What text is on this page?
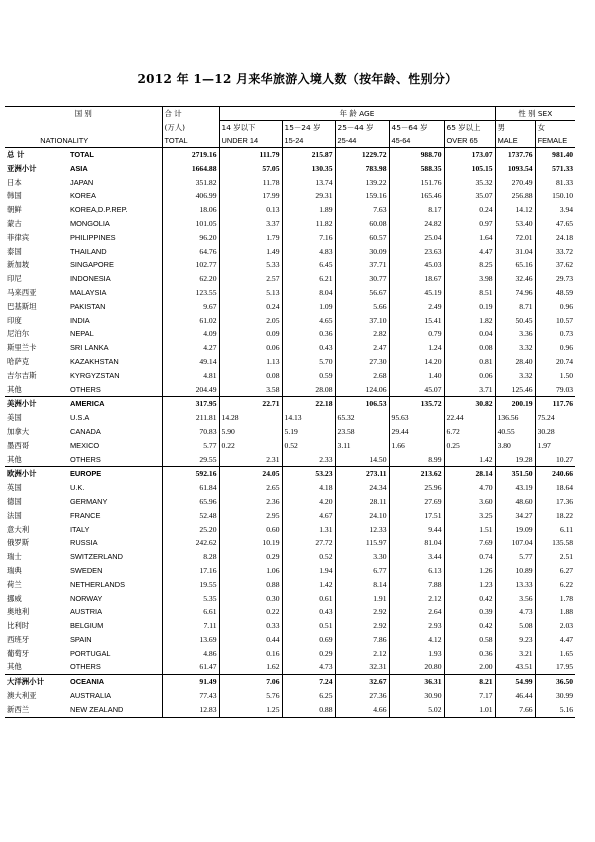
2012 年 1—12 月来华旅游入境人数（按年龄、性别分）
国 别		合 计	年 龄 AGE					性 别 SEX	
		(万人)	14 岁以下	15－24 岁	25－44 岁	45－64 岁	65 岁以上	男	女
NATIONALITY		TOTAL	UNDER 14	15-24	25-44	45-64	OVER 65	MALE	FEMALE
总 计	TOTAL	2719.16	111.79	215.87	1229.72	988.70	173.07	1737.76	981.40
亚洲小计	ASIA	1664.88	57.05	130.35	783.98	588.35	105.15	1093.54	571.33
日本	JAPAN	351.82	11.78	13.74	139.22	151.76	35.32	270.49	81.33
韩国	KOREA	406.99	17.99	29.31	159.16	165.46	35.07	256.88	150.10
朝鲜	KOREA,D.P.REP.	18.06	0.13	1.89	7.63	8.17	0.24	14.12	3.94
蒙古	MONGOLIA	101.05	3.37	11.82	60.08	24.82	0.97	53.40	47.65
菲律宾	PHILIPPINES	96.20	1.79	7.16	60.57	25.04	1.64	72.01	24.18
泰国	THAILAND	64.76	1.49	4.83	30.09	23.63	4.47	31.04	33.72
新加坡	SINGAPORE	102.77	5.33	6.45	37.71	45.03	8.25	65.16	37.62
印尼	INDONESIA	62.20	2.57	6.21	30.77	18.67	3.98	32.46	29.73
马来西亚	MALAYSIA	123.55	5.13	8.04	56.67	45.19	8.51	74.96	48.59
巴基斯坦	PAKISTAN	9.67	0.24	1.09	5.66	2.49	0.19	8.71	0.96
印度	INDIA	61.02	2.05	4.65	37.10	15.41	1.82	50.45	10.57
尼泊尔	NEPAL	4.09	0.09	0.36	2.82	0.79	0.04	3.36	0.73
斯里兰卡	SRI LANKA	4.27	0.06	0.43	2.47	1.24	0.08	3.32	0.96
哈萨克	KAZAKHSTAN	49.14	1.13	5.70	27.30	14.20	0.81	28.40	20.74
吉尔吉斯	KYRGYZSTAN	4.81	0.08	0.59	2.68	1.40	0.06	3.32	1.50
其他	OTHERS	204.49	3.58	28.08	124.06	45.07	3.71	125.46	79.03
美洲小计	AMERICA	317.95	22.71	22.18	106.53	135.72	30.82	200.19	117.76
美国	U.S.A	211.81	14.28	14.13	65.32	95.63	22.44	136.56	75.24
加拿大	CANADA	70.83	5.90	5.19	23.58	29.44	6.72	40.55	30.28
墨西哥	MEXICO	5.77	0.22	0.52	3.11	1.66	0.25	3.80	1.97
其他	OTHERS	29.55	2.31	2.33	14.50	8.99	1.42	19.28	10.27
欧洲小计	EUROPE	592.16	24.05	53.23	273.11	213.62	28.14	351.50	240.66
英国	U.K.	61.84	2.65	4.18	24.34	25.96	4.70	43.19	18.64
德国	GERMANY	65.96	2.36	4.20	28.11	27.69	3.60	48.60	17.36
法国	FRANCE	52.48	2.95	4.67	24.10	17.51	3.25	34.27	18.22
意大利	ITALY	25.20	0.60	1.31	12.33	9.44	1.51	19.09	6.11
俄罗斯	RUSSIA	242.62	10.19	27.72	115.97	81.04	7.69	107.04	135.58
瑞士	SWITZERLAND	8.28	0.29	0.52	3.30	3.44	0.74	5.77	2.51
瑞典	SWEDEN	17.16	1.06	1.94	6.77	6.13	1.26	10.89	6.27
荷兰	NETHERLANDS	19.55	0.88	1.42	8.14	7.88	1.23	13.33	6.22
挪威	NORWAY	5.35	0.30	0.61	1.91	2.12	0.42	3.56	1.78
奥地利	AUSTRIA	6.61	0.22	0.43	2.92	2.64	0.39	4.73	1.88
比利时	BELGIUM	7.11	0.33	0.51	2.92	2.93	0.42	5.08	2.03
西班牙	SPAIN	13.69	0.44	0.69	7.86	4.12	0.58	9.23	4.47
葡萄牙	PORTUGAL	4.86	0.16	0.29	2.12	1.93	0.36	3.21	1.65
其他	OTHERS	61.47	1.62	4.73	32.31	20.80	2.00	43.51	17.95
大洋洲小计	OCEANIA	91.49	7.06	7.24	32.67	36.31	8.21	54.99	36.50
澳大利亚	AUSTRALIA	77.43	5.76	6.25	27.36	30.90	7.17	46.44	30.99
新西兰	NEW ZEALAND	12.83	1.25	0.88	4.66	5.02	1.01	7.66	5.16
